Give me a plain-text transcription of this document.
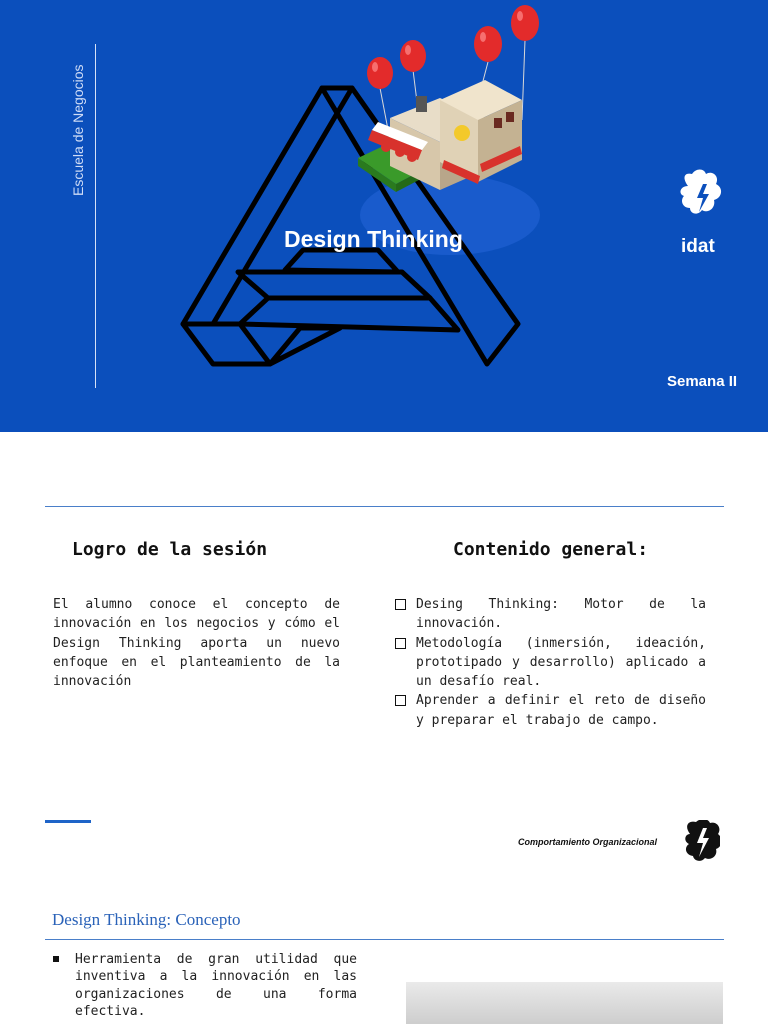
Escuela de Negocios
Design Thinking	idat
Semana II
Logro de la sesión	Contenido general:
El alumno conoce el concepto de innovación en los negocios y cómo el Design Thinking aporta un nuevo enfoque en el planteamiento de la innovación
Desing Thinking: Motor de la innovación.
Metodología (inmersión, ideación, prototipado y desarrollo) aplicado a un desafío real.
Aprender a definir el reto de diseño y preparar el trabajo de campo.
Comportamiento Organizacional
Design Thinking: Concepto
Herramienta de gran utilidad que inventiva a la innovación en las organizaciones de una forma efectiva.
